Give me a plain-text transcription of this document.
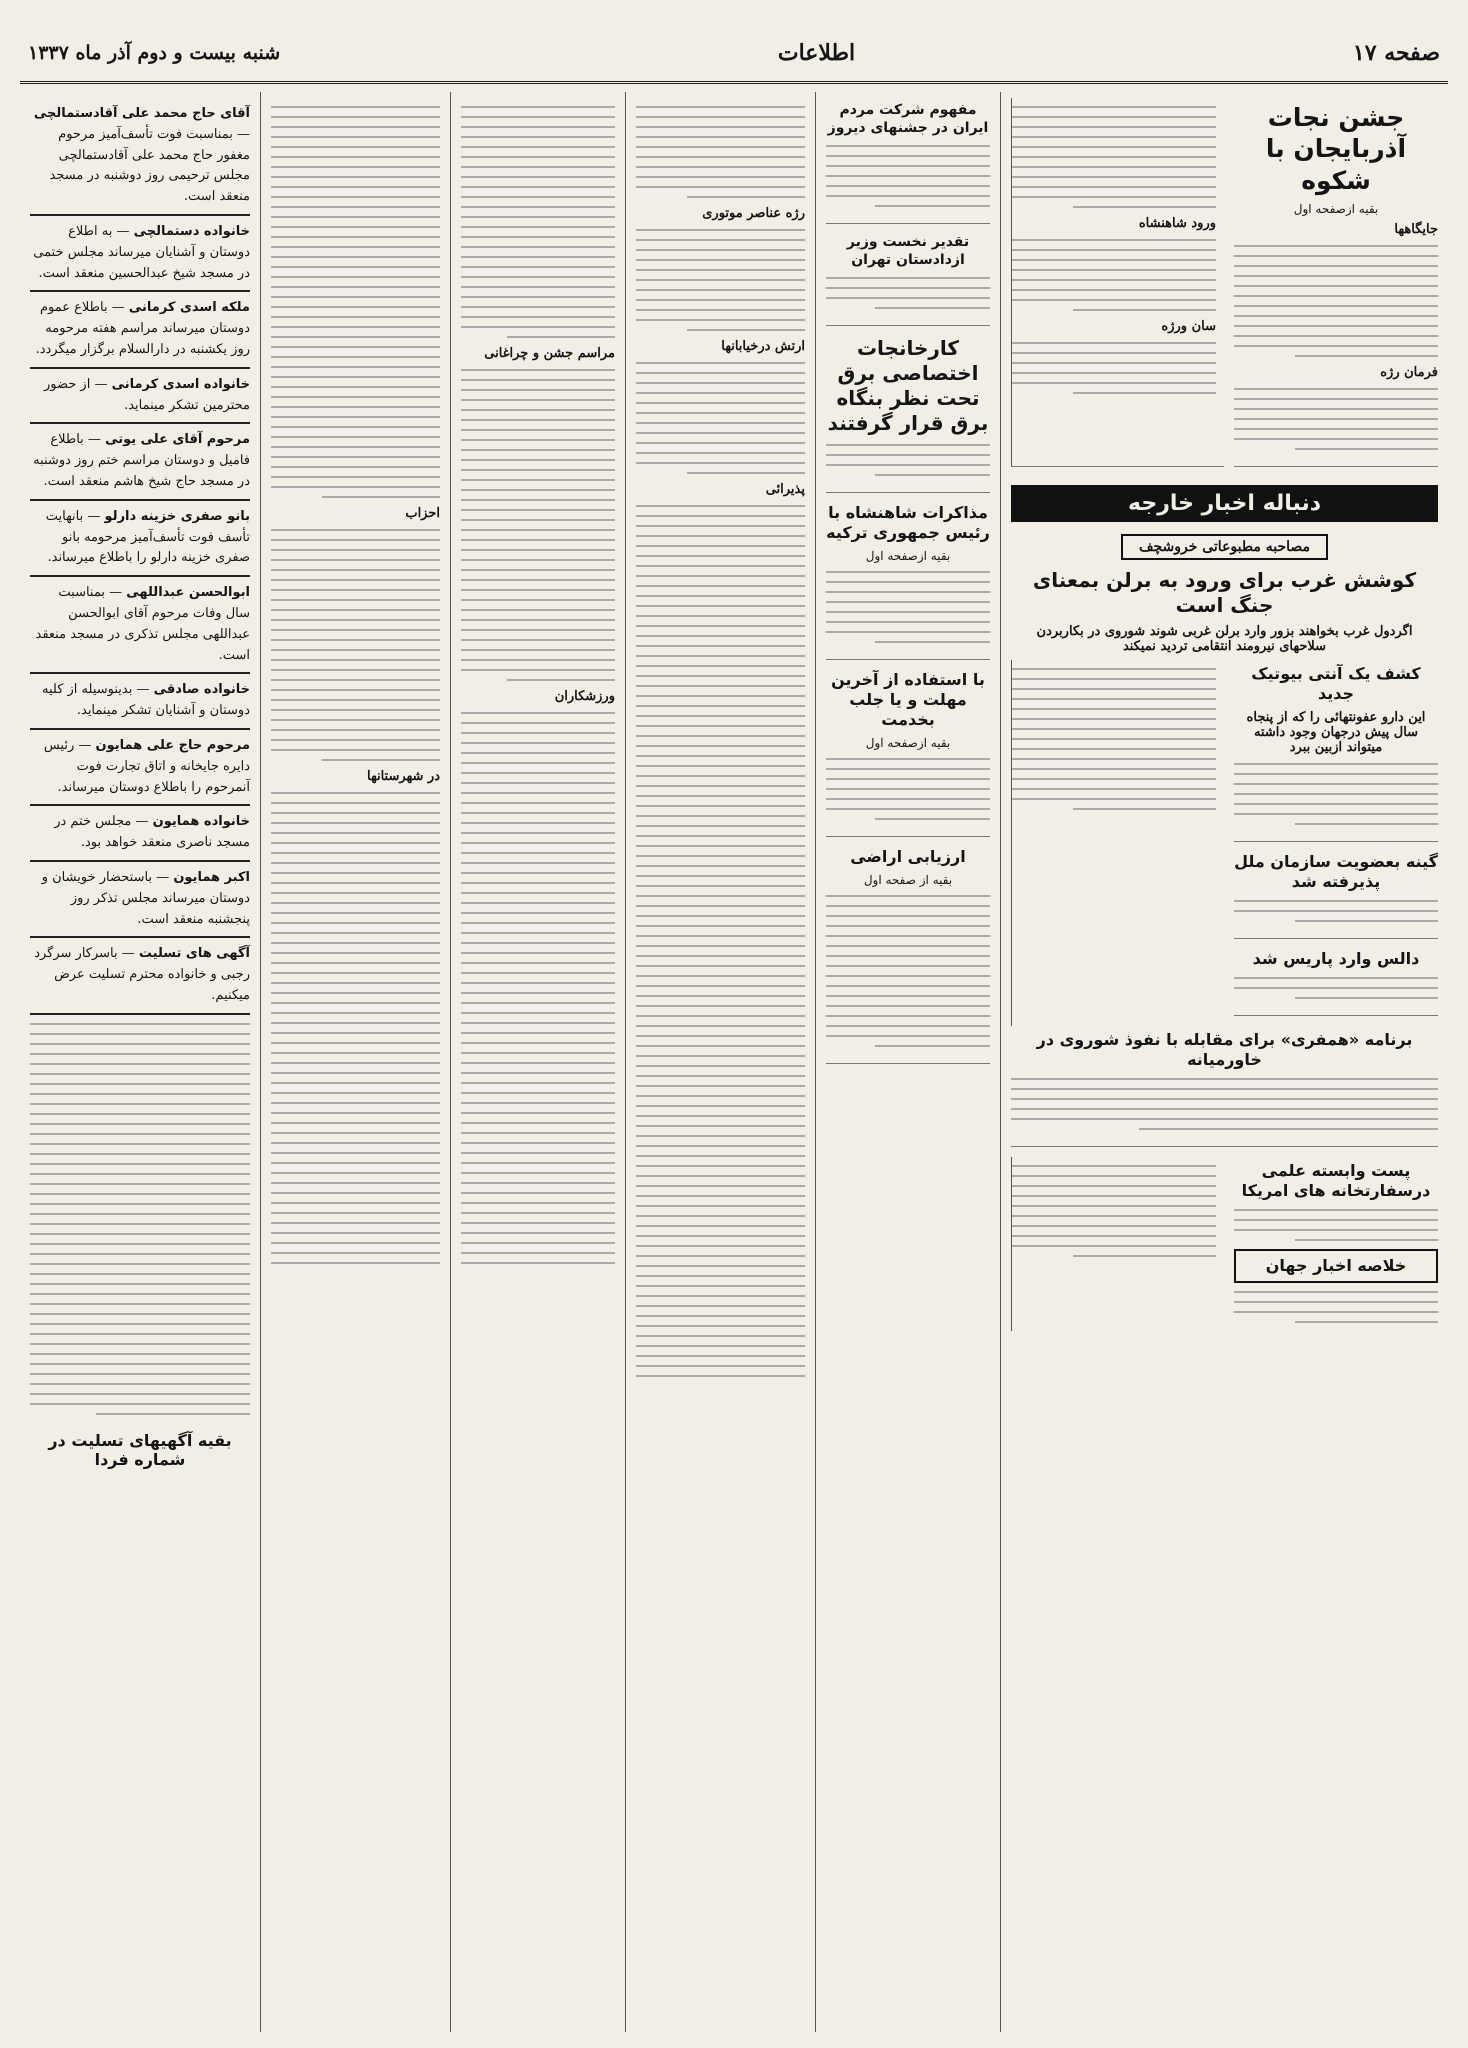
صفحه ۱۷
اطلاعات
شنبه بیست و دوم آذر ماه ۱۳۳۷
جشن نجات آذربایجان با شکوه
بقیه ازصفحه اول
جایگاهها
فرمان رژه
ورود شاهنشاه
سان ورژه
دنباله اخبار خارجه
مصاحبه مطبوعاتی خروشچف
کوشش غرب برای ورود به برلن بمعنای جنگ است
اگردول غرب بخواهند بزور وارد برلن غربی شوند شوروی در بکاربردن سلاحهای نیرومند انتقامی تردید نمیکند
کشف یک آنتی بیوتیک جدید
این دارو عفونتهائی را که از پنجاه سال پیش درجهان وجود داشته میتواند ازبین ببرد
گینه بعضویت سازمان ملل پذیرفته شد
دالس وارد پاریس شد
برنامه «همفری» برای مقابله با نفوذ شوروی در خاورمیانه
پست وابسته علمی درسفارتخانه های امریکا
خلاصه اخبار جهان
مفهوم شرکت مردم ایران در جشنهای دیروز
تقدیر نخست وزیر ازدادستان تهران
کارخانجات اختصاصی برق تحت نظر بنگاه برق قرار گرفتند
مذاکرات شاهنشاه با رئیس جمهوری ترکیه
بقیه ازصفحه اول
با استفاده از آخرین مهلت و یا جلب بخدمت
بقیه ازصفحه اول
ارزیابی اراضی
بقیه از صفحه اول
رژه عناصر موتوری
ارتش درخیابانها
پذیرائی
مراسم جشن و چراغانی
ورزشکاران
احزاب
در شهرستانها
آقای حاج محمد علی آقادستمالچی — بمناسبت فوت تأسف‌آمیز مرحوم مغفور حاج محمد علی آقادستمالچی مجلس ترحیمی روز دوشنبه در مسجد منعقد است.
خانواده دستمالچی — به اطلاع دوستان و آشنایان میرساند مجلس ختمی در مسجد شیخ عبدالحسین منعقد است.
ملکه اسدی کرمانی — باطلاع عموم دوستان میرساند مراسم هفته مرحومه روز یکشنبه در دارالسلام برگزار میگردد.
خانواده اسدی کرمانی — از حضور محترمین تشکر مینماید.
مرحوم آقای علی یوتی — باطلاع فامیل و دوستان مراسم ختم روز دوشنبه در مسجد حاج شیخ هاشم منعقد است.
بانو صفری خزینه دارلو — بانهایت تأسف فوت تأسف‌آمیز مرحومه بانو صفری خزینه دارلو را باطلاع میرساند.
ابوالحسن عبداللهی — بمناسبت سال وفات مرحوم آقای ابوالحسن عبداللهی مجلس تذکری در مسجد منعقد است.
خانواده صادقی — بدینوسیله از کلیه دوستان و آشنایان تشکر مینماید.
مرحوم حاج علی همایون — رئیس دایره جایخانه و اتاق تجارت فوت آنمرحوم را باطلاع دوستان میرساند.
خانواده همایون — مجلس ختم در مسجد ناصری منعقد خواهد بود.
اکبر همایون — باستحضار خویشان و دوستان میرساند مجلس تذکر روز پنجشنبه منعقد است.
آگهی های تسلیت — باسرکار سرگرد رجبی و خانواده محترم تسلیت عرض میکنیم.
بقیه آگهیهای تسلیت در شماره فردا
